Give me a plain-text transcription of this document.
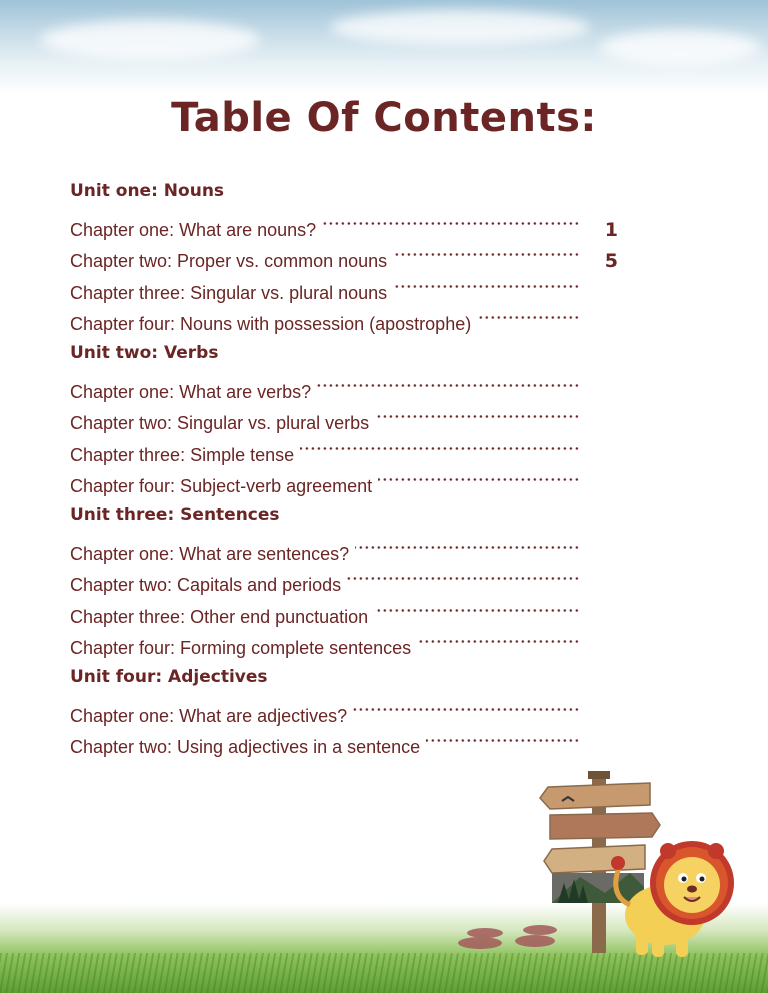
Table Of Contents:
Unit one: Nouns
Chapter one: What are nouns?	1
Chapter two: Proper vs. common nouns	5
Chapter three: Singular vs. plural nouns
Chapter four: Nouns with possession (apostrophe)
Unit two: Verbs
Chapter one: What are verbs?
Chapter two: Singular vs. plural verbs
Chapter three: Simple tense
Chapter four: Subject-verb agreement
Unit three: Sentences
Chapter one: What are sentences?
Chapter two: Capitals and periods
Chapter three: Other end punctuation
Chapter four: Forming complete sentences
Unit four: Adjectives
Chapter one: What are adjectives?
Chapter two: Using adjectives in a sentence
